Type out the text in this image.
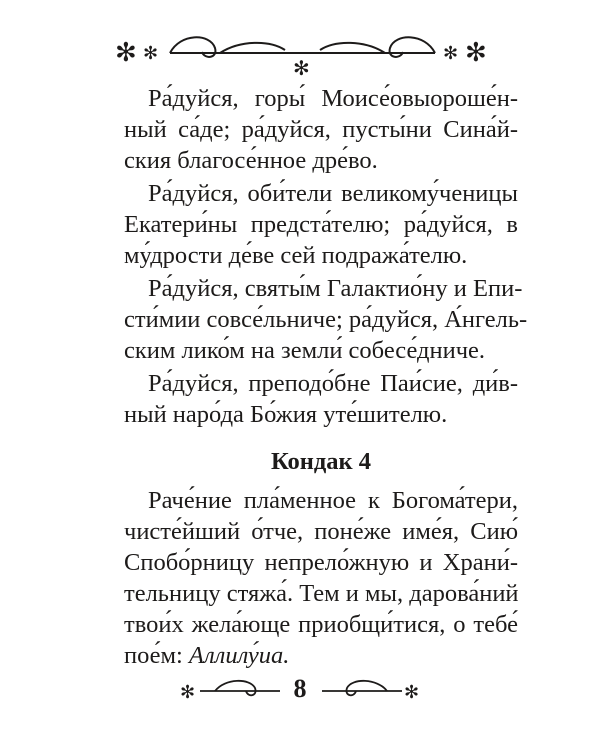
✻ ✻	✻
✻
✻
Ра́дуйся, горы́ Моисе́овыороше́н-
ный са́де; ра́дуйся, пусты́ни Сина́й-
ския благосе́нное дре́во.
Ра́дуйся, оби́тели великому́ченицы
Екатери́ны предста́телю; ра́дуйся, в
му́дрости де́ве сей подража́телю.
Ра́дуйся, святы́м Галактио́ну и Епи-
сти́мии совсе́льниче; ра́дуйся, А́нгель-
ским лико́м на земли́ собесе́дниче.
Ра́дуйся, преподо́бне Паи́сие, ди́в-
ный наро́да Бо́жия уте́шителю.
Кондак 4
Раче́ние пла́менное к Богома́тери,
чисте́йший о́тче, поне́же име́я, Сию́
Спобо́рницу непрело́жную и Храни́-
тельницу стяжа́. Тем и мы, дарова́ний
твои́х жела́юще приобщи́тися, о тебе́
пое́м: Аллилу́иа.
✻	8	✻
